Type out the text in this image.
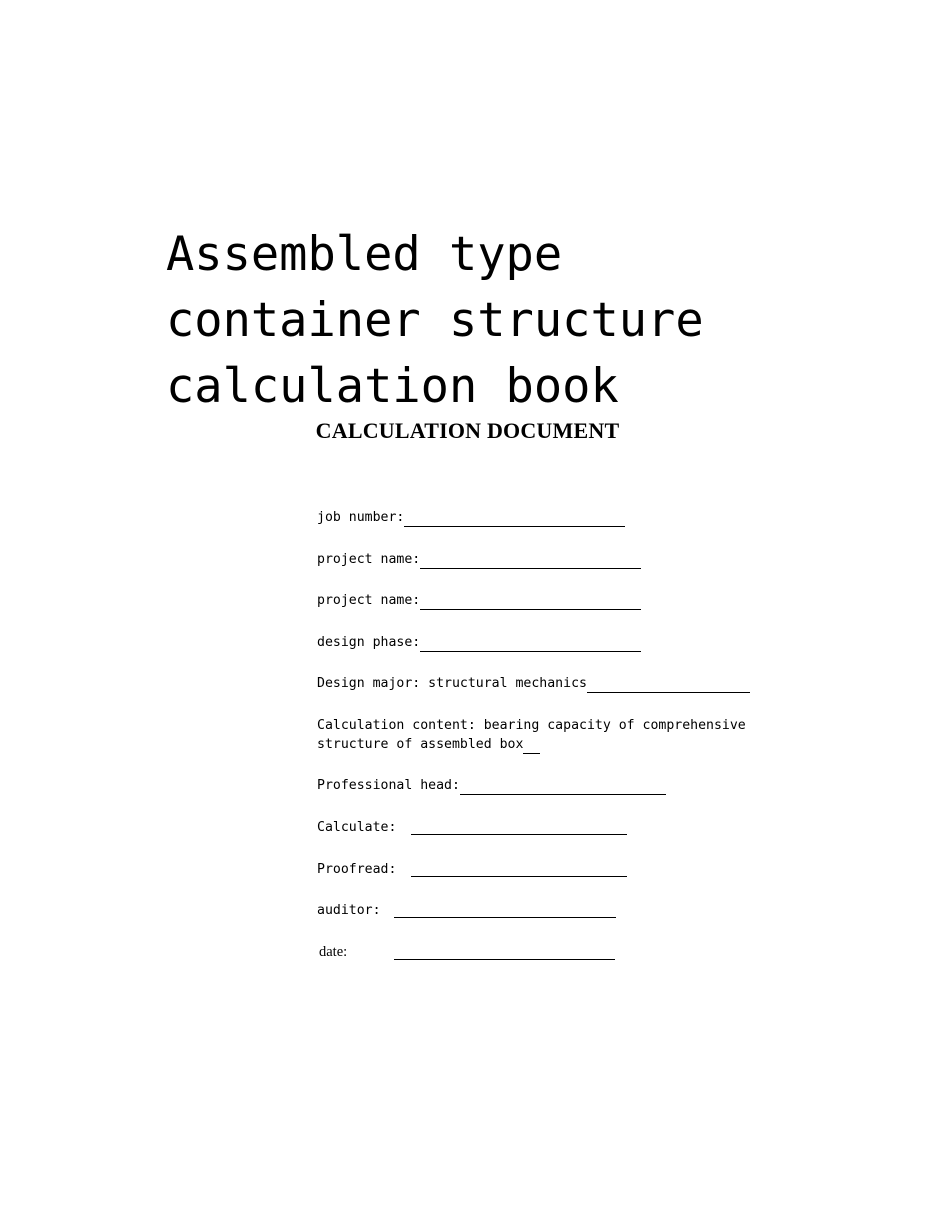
Assembled type
container structure
calculation book
CALCULATION DOCUMENT
job number:
project name:
project name:
design phase:
Design major: structural mechanics
Calculation content: bearing capacity of comprehensive structure of assembled box
Professional head:
Calculate:
Proofread:
auditor:
date:
